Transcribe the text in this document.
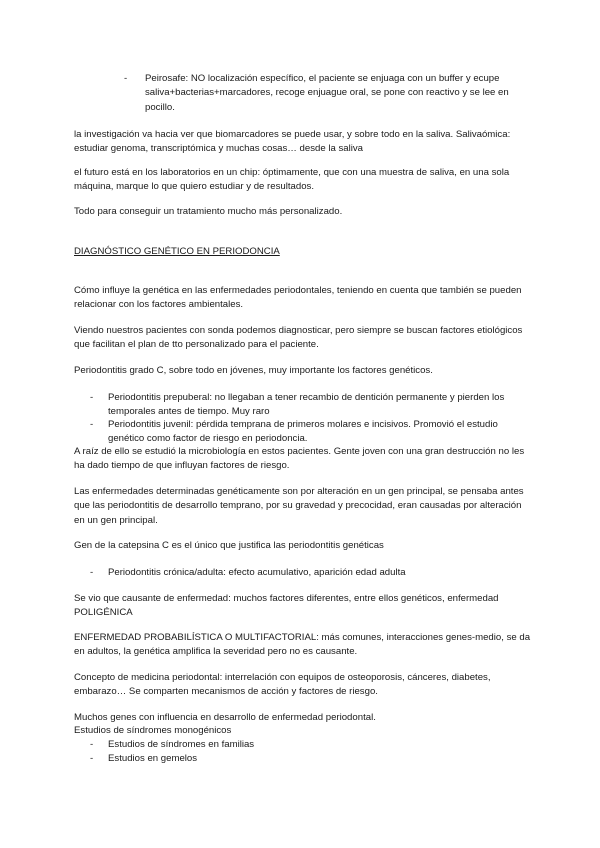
- Peirosafe: NO localización específico, el paciente se enjuaga con un buffer y ecupe saliva+bacterias+marcadores, recoge enjuague oral, se pone con reactivo y se lee en pocillo.

la investigación va hacia ver que biomarcadores se puede usar, y sobre todo en la saliva. Salivaómica: estudiar genoma, transcriptómica y muchas cosas… desde la saliva

el futuro está en los laboratorios en un chip: óptimamente, que con una muestra de saliva, en una sola máquina, marque lo que quiero estudiar y de resultados.

Todo para conseguir un tratamiento mucho más personalizado.

DIAGNÓSTICO GENÉTICO EN PERIODONCIA

Cómo influye la genética en las enfermedades periodontales, teniendo en cuenta que también se pueden relacionar con los factores ambientales.

Viendo nuestros pacientes con sonda podemos diagnosticar, pero siempre se buscan factores etiológicos que facilitan el plan de tto personalizado para el paciente.

Periodontitis grado C, sobre todo en jóvenes, muy importante los factores genéticos.

- Periodontitis prepuberal: no llegaban a tener recambio de dentición permanente y pierden los temporales antes de tiempo. Muy raro
- Periodontitis juvenil: pérdida temprana de primeros molares e incisivos. Promovió el estudio genético como factor de riesgo en periodoncia.

A raíz de ello se estudió la microbiología en estos pacientes. Gente joven con una gran destrucción no les ha dado tiempo de que influyan factores de riesgo.

Las enfermedades determinadas genéticamente son por alteración en un gen principal, se pensaba antes que las periodontitis de desarrollo temprano, por su gravedad y precocidad, eran causadas por alteración en un gen principal.

Gen de la catepsina C es el único que justifica las periodontitis genéticas

- Periodontitis crónica/adulta: efecto acumulativo, aparición edad adulta

Se vio que causante de enfermedad: muchos factores diferentes, entre ellos genéticos, enfermedad POLIGÉNICA

ENFERMEDAD PROBABILÍSTICA O MULTIFACTORIAL: más comunes, interacciones genes-medio, se da en adultos, la genética amplifica la severidad pero no es causante.

Concepto de medicina periodontal: interrelación con equipos de osteoporosis, cánceres, diabetes, embarazo… Se comparten mecanismos de acción y factores de riesgo.

Muchos genes con influencia en desarrollo de enfermedad periodontal.

Estudios de síndromes monogénicos

- Estudios de síndromes en familias
- Estudios en gemelos
